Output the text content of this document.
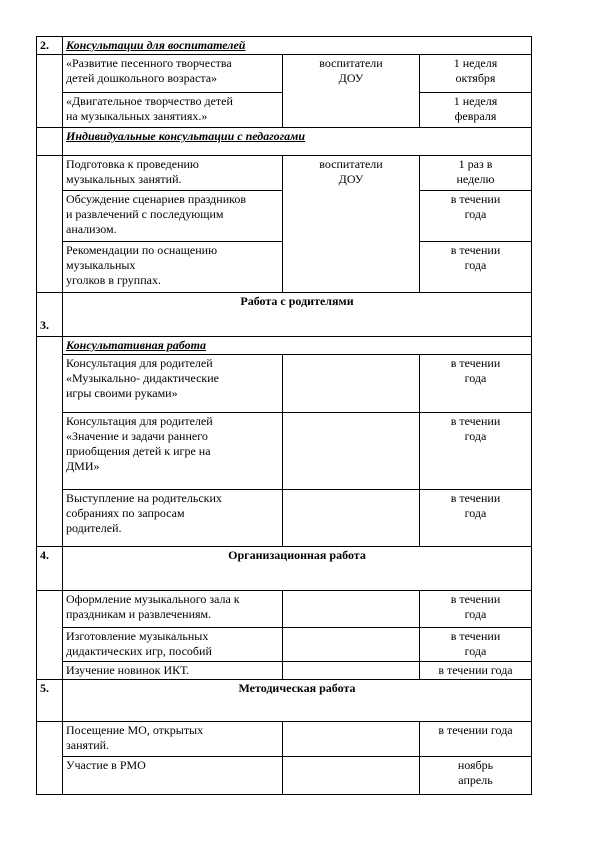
2.	Консультации для воспитателей		
	«Развитие песенного творчества
детей дошкольного возраста»	воспитатели
ДОУ	1 неделя
октября
	«Двигательное творчество детей
на музыкальных занятиях.»		1 неделя
февраля
	Индивидуальные консультации с педагогами		
	Подготовка к проведению
музыкальных занятий.	воспитатели
ДОУ	1 раз в
неделю
	Обсуждение сценариев праздников
и развлечений с последующим
анализом.		в течении
года
	Рекомендации по оснащению
музыкальных
уголков в группах.		в течении
года
3.	Работа с родителями		
	Консультативная работа		
	Консультация для родителей
«Музыкально- дидактические
игры своими руками»		в течении
года
	Консультация для родителей
«Значение и задачи раннего
приобщения детей к игре на
ДМИ»		в течении
года
	Выступление на родительских
собраниях по запросам
родителей.		в течении
года
4.	Организационная работа		
	Оформление музыкального зала к
праздникам и развлечениям.		в течении
года
	Изготовление музыкальных
дидактических игр, пособий		в течении
года
	Изучение новинок ИКТ.		в течении года
5.	Методическая работа		
	Посещение МО, открытых
занятий.		в течении года
	Участие в РМО		ноябрь
апрель
